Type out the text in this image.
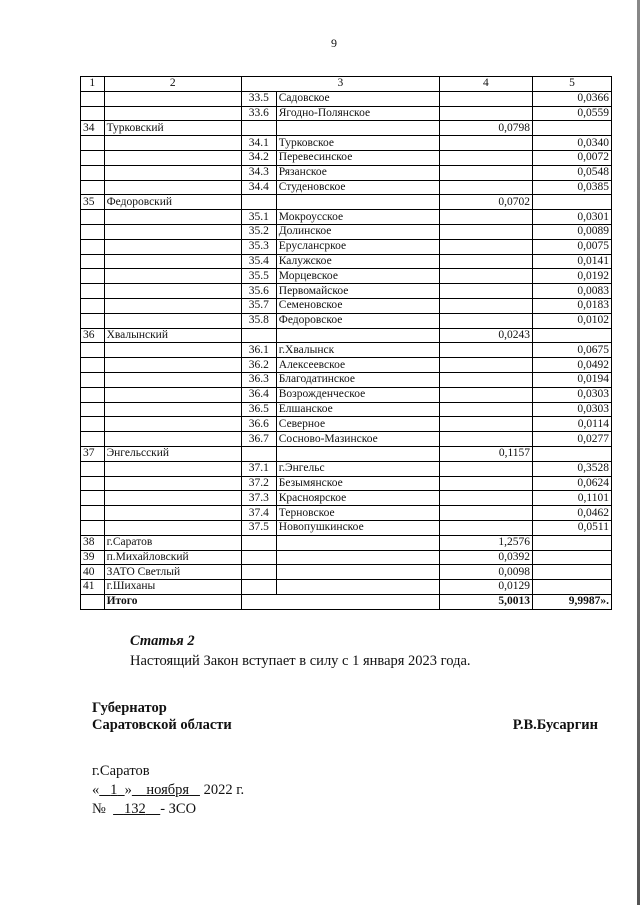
9
1	2	3		4	5
		33.5	Садовское		0,0366
		33.6	Ягодно-Полянское		0,0559
34	Турковский			0,0798	
		34.1	Турковское		0,0340
		34.2	Перевесинское		0,0072
		34.3	Рязанское		0,0548
		34.4	Студеновское		0,0385
35	Федоровский			0,0702	
		35.1	Мокроусское		0,0301
		35.2	Долинское		0,0089
		35.3	Еруслансркое		0,0075
		35.4	Калужское		0,0141
		35.5	Морцевское		0,0192
		35.6	Первомайское		0,0083
		35.7	Семеновское		0,0183
		35.8	Федоровское		0,0102
36	Хвалынский			0,0243	
		36.1	г.Хвалынск		0,0675
		36.2	Алексеевское		0,0492
		36.3	Благодатинское		0,0194
		36.4	Возрожденческое		0,0303
		36.5	Елшанское		0,0303
		36.6	Северное		0,0114
		36.7	Сосново-Мазинское		0,0277
37	Энгельсский			0,1157	
		37.1	г.Энгельс		0,3528
		37.2	Безымянское		0,0624
		37.3	Красноярское		0,1101
		37.4	Терновское		0,0462
		37.5	Новопушкинское		0,0511
38	г.Саратов			1,2576	
39	п.Михайловский			0,0392	
40	ЗАТО Светлый			0,0098	
41	г.Шиханы			0,0129	
	Итого			5,0013	9,9987».
Статья 2
Настоящий Закон вступает в силу с 1 января 2023 года.
Губернатор
Саратовской области	Р.В.Бусаргин
г.Саратов
« 1 » ноября 2022 г.
№ 132 - ЗСО
